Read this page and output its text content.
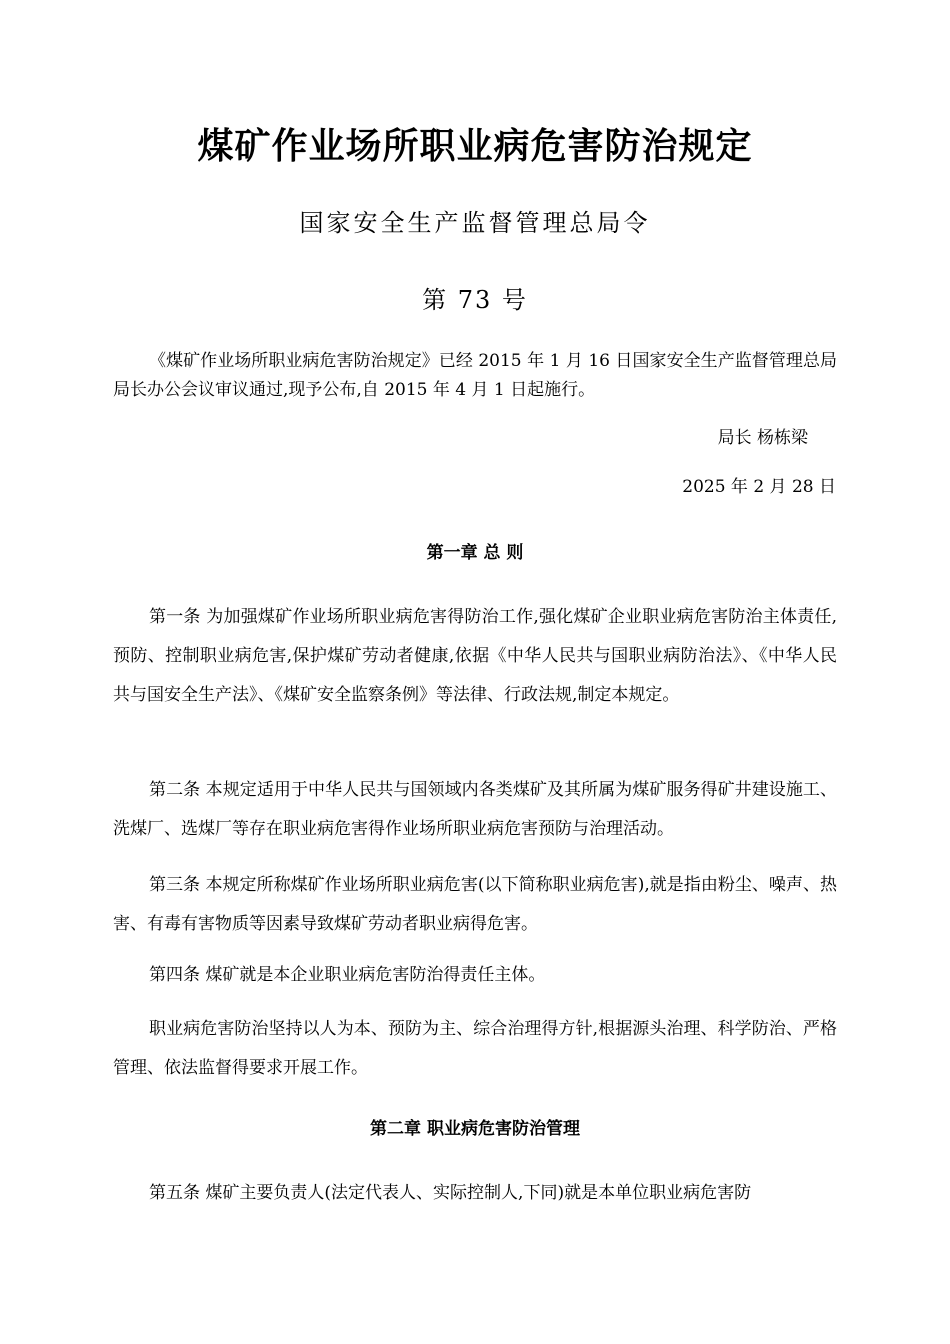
煤矿作业场所职业病危害防治规定
国家安全生产监督管理总局令
第 73 号
《煤矿作业场所职业病危害防治规定》已经 2015 年 1 月 16 日国家安全生产监督管理总局局长办公会议审议通过,现予公布,自 2015 年 4 月 1 日起施行。
局长 杨栋梁
2025 年 2 月 28 日
第一章 总 则
第一条 为加强煤矿作业场所职业病危害得防治工作,强化煤矿企业职业病危害防治主体责任,预防、控制职业病危害,保护煤矿劳动者健康,依据《中华人民共与国职业病防治法》、《中华人民共与国安全生产法》、《煤矿安全监察条例》等法律、行政法规,制定本规定。
第二条 本规定适用于中华人民共与国领域内各类煤矿及其所属为煤矿服务得矿井建设施工、洗煤厂、选煤厂等存在职业病危害得作业场所职业病危害预防与治理活动。
第三条 本规定所称煤矿作业场所职业病危害(以下简称职业病危害),就是指由粉尘、噪声、热害、有毒有害物质等因素导致煤矿劳动者职业病得危害。
第四条 煤矿就是本企业职业病危害防治得责任主体。
职业病危害防治坚持以人为本、预防为主、综合治理得方针,根据源头治理、科学防治、严格管理、依法监督得要求开展工作。
第二章 职业病危害防治管理
第五条 煤矿主要负责人(法定代表人、实际控制人,下同)就是本单位职业病危害防
